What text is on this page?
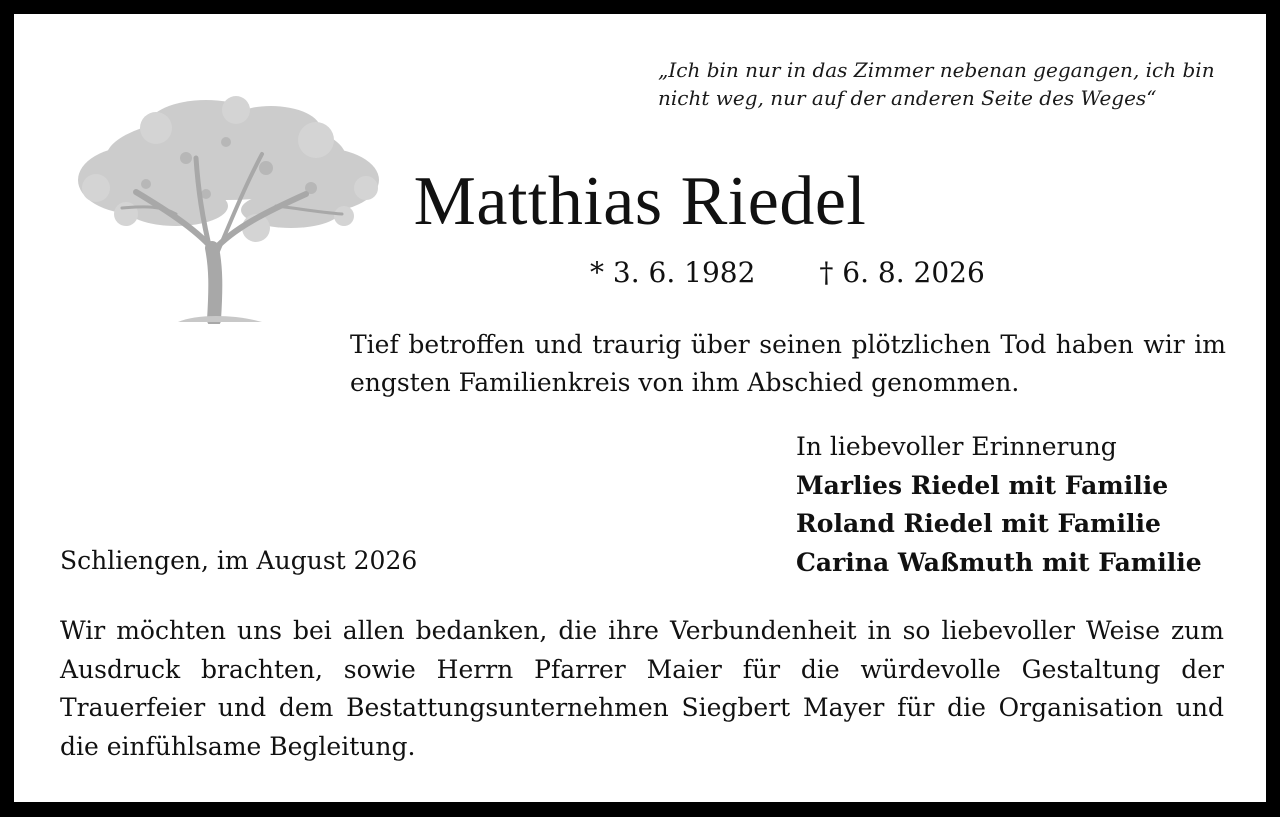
„Ich bin nur in das Zimmer nebenan gegangen, ich bin nicht weg, nur auf der anderen Seite des Weges“

Matthias Riedel
* 3. 6. 1982 † 6. 8. 2026

Tief betroffen und traurig über seinen plötzlichen Tod haben wir im engsten Familienkreis von ihm Abschied genommen.

In liebevoller Erinnerung
Marlies Riedel mit Familie
Roland Riedel mit Familie
Carina Waßmuth mit Familie
Schliengen, im August 2026

Wir möchten uns bei allen bedanken, die ihre Verbundenheit in so liebevoller Weise zum Ausdruck brachten, sowie Herrn Pfarrer Maier für die würdevolle Gestaltung der Trauerfeier und dem Bestattungsunternehmen Siegbert Mayer für die Organisation und die einfühlsame Begleitung.
